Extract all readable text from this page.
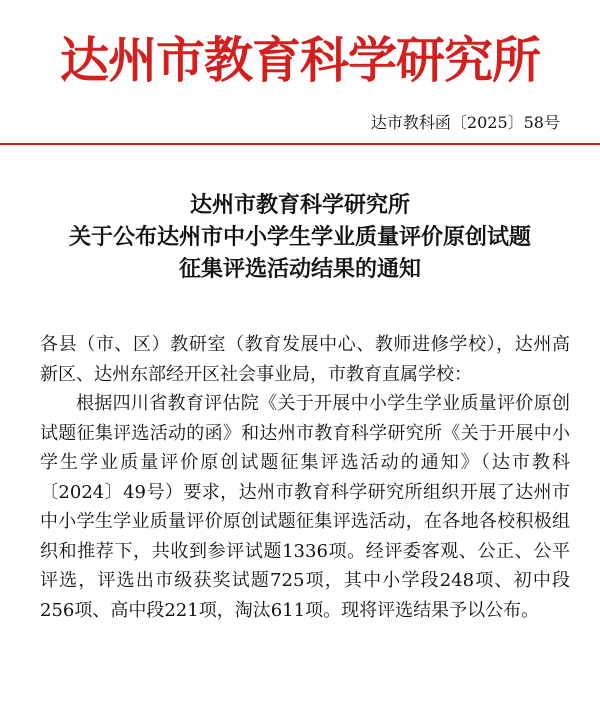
达州市教育科学研究所
达市教科函〔2025〕58号
达州市教育科学研究所
关于公布达州市中小学生学业质量评价原创试题
征集评选活动结果的通知

各县（市、区）教研室（教育发展中心、教师进修学校），达州高新区、达州东部经开区社会事业局，市教育直属学校：

根据四川省教育评估院《关于开展中小学生学业质量评价原创试题征集评选活动的函》和达州市教育科学研究所《关于开展中小学生学业质量评价原创试题征集评选活动的通知》（达市教科〔2024〕49号）要求，达州市教育科学研究所组织开展了达州市中小学生学业质量评价原创试题征集评选活动，在各地各校积极组织和推荐下，共收到参评试题1336项。经评委客观、公正、公平评选，评选出市级获奖试题725项，其中小学段248项、初中段256项、高中段221项，淘汰611项。现将评选结果予以公布。
